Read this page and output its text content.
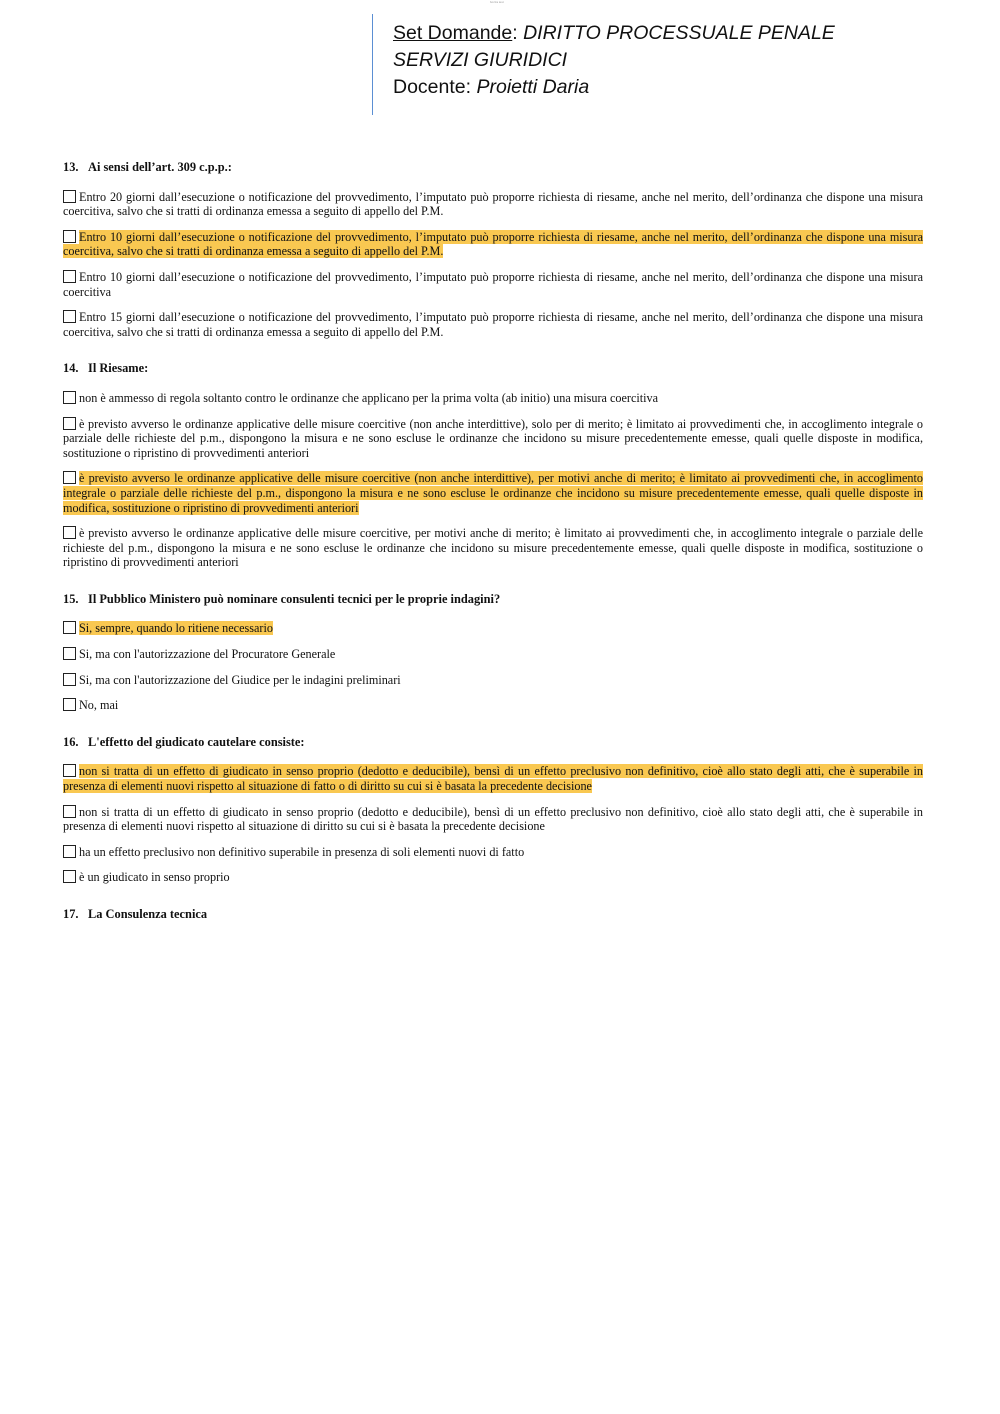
bozza test
Set Domande: DIRITTO PROCESSUALE PENALE
SERVIZI GIURIDICI
Docente: Proietti Daria
13. Ai sensi dell’art. 309 c.p.p.:
Entro 20 giorni dall’esecuzione o notificazione del provvedimento, l’imputato può proporre richiesta di riesame, anche nel merito, dell’ordinanza che dispone una misura coercitiva, salvo che si tratti di ordinanza emessa a seguito di appello del P.M.
Entro 10 giorni dall’esecuzione o notificazione del provvedimento, l’imputato può proporre richiesta di riesame, anche nel merito, dell’ordinanza che dispone una misura coercitiva, salvo che si tratti di ordinanza emessa a seguito di appello del P.M.
Entro 10 giorni dall’esecuzione o notificazione del provvedimento, l’imputato può proporre richiesta di riesame, anche nel merito, dell’ordinanza che dispone una misura coercitiva
Entro 15 giorni dall’esecuzione o notificazione del provvedimento, l’imputato può proporre richiesta di riesame, anche nel merito, dell’ordinanza che dispone una misura coercitiva, salvo che si tratti di ordinanza emessa a seguito di appello del P.M.
14. Il Riesame:
non è ammesso di regola soltanto contro le ordinanze che applicano per la prima volta (ab initio) una misura coercitiva
è previsto avverso le ordinanze applicative delle misure coercitive (non anche interdittive), solo per di merito; è limitato ai provvedimenti che, in accoglimento integrale o parziale delle richieste del p.m., dispongono la misura e ne sono escluse le ordinanze che incidono su misure precedentemente emesse, quali quelle disposte in modifica, sostituzione o ripristino di provvedimenti anteriori
è previsto avverso le ordinanze applicative delle misure coercitive (non anche interdittive), per motivi anche di merito; è limitato ai provvedimenti che, in accoglimento integrale o parziale delle richieste del p.m., dispongono la misura e ne sono escluse le ordinanze che incidono su misure precedentemente emesse, quali quelle disposte in modifica, sostituzione o ripristino di provvedimenti anteriori
è previsto avverso le ordinanze applicative delle misure coercitive, per motivi anche di merito; è limitato ai provvedimenti che, in accoglimento integrale o parziale delle richieste del p.m., dispongono la misura e ne sono escluse le ordinanze che incidono su misure precedentemente emesse, quali quelle disposte in modifica, sostituzione o ripristino di provvedimenti anteriori
15. Il Pubblico Ministero può nominare consulenti tecnici per le proprie indagini?
Si, sempre, quando lo ritiene necessario
Si, ma con l'autorizzazione del Procuratore Generale
Si, ma con l'autorizzazione del Giudice per le indagini preliminari
No, mai
16. L'effetto del giudicato cautelare consiste:
non si tratta di un effetto di giudicato in senso proprio (dedotto e deducibile), bensì di un effetto preclusivo non definitivo, cioè allo stato degli atti, che è superabile in presenza di elementi nuovi rispetto al situazione di fatto o di diritto su cui si è basata la precedente decisione
non si tratta di un effetto di giudicato in senso proprio (dedotto e deducibile), bensì di un effetto preclusivo non definitivo, cioè allo stato degli atti, che è superabile in presenza di elementi nuovi rispetto al situazione di diritto su cui si è basata la precedente decisione
ha un effetto preclusivo non definitivo superabile in presenza di soli elementi nuovi di fatto
è un giudicato in senso proprio
17. La Consulenza tecnica
